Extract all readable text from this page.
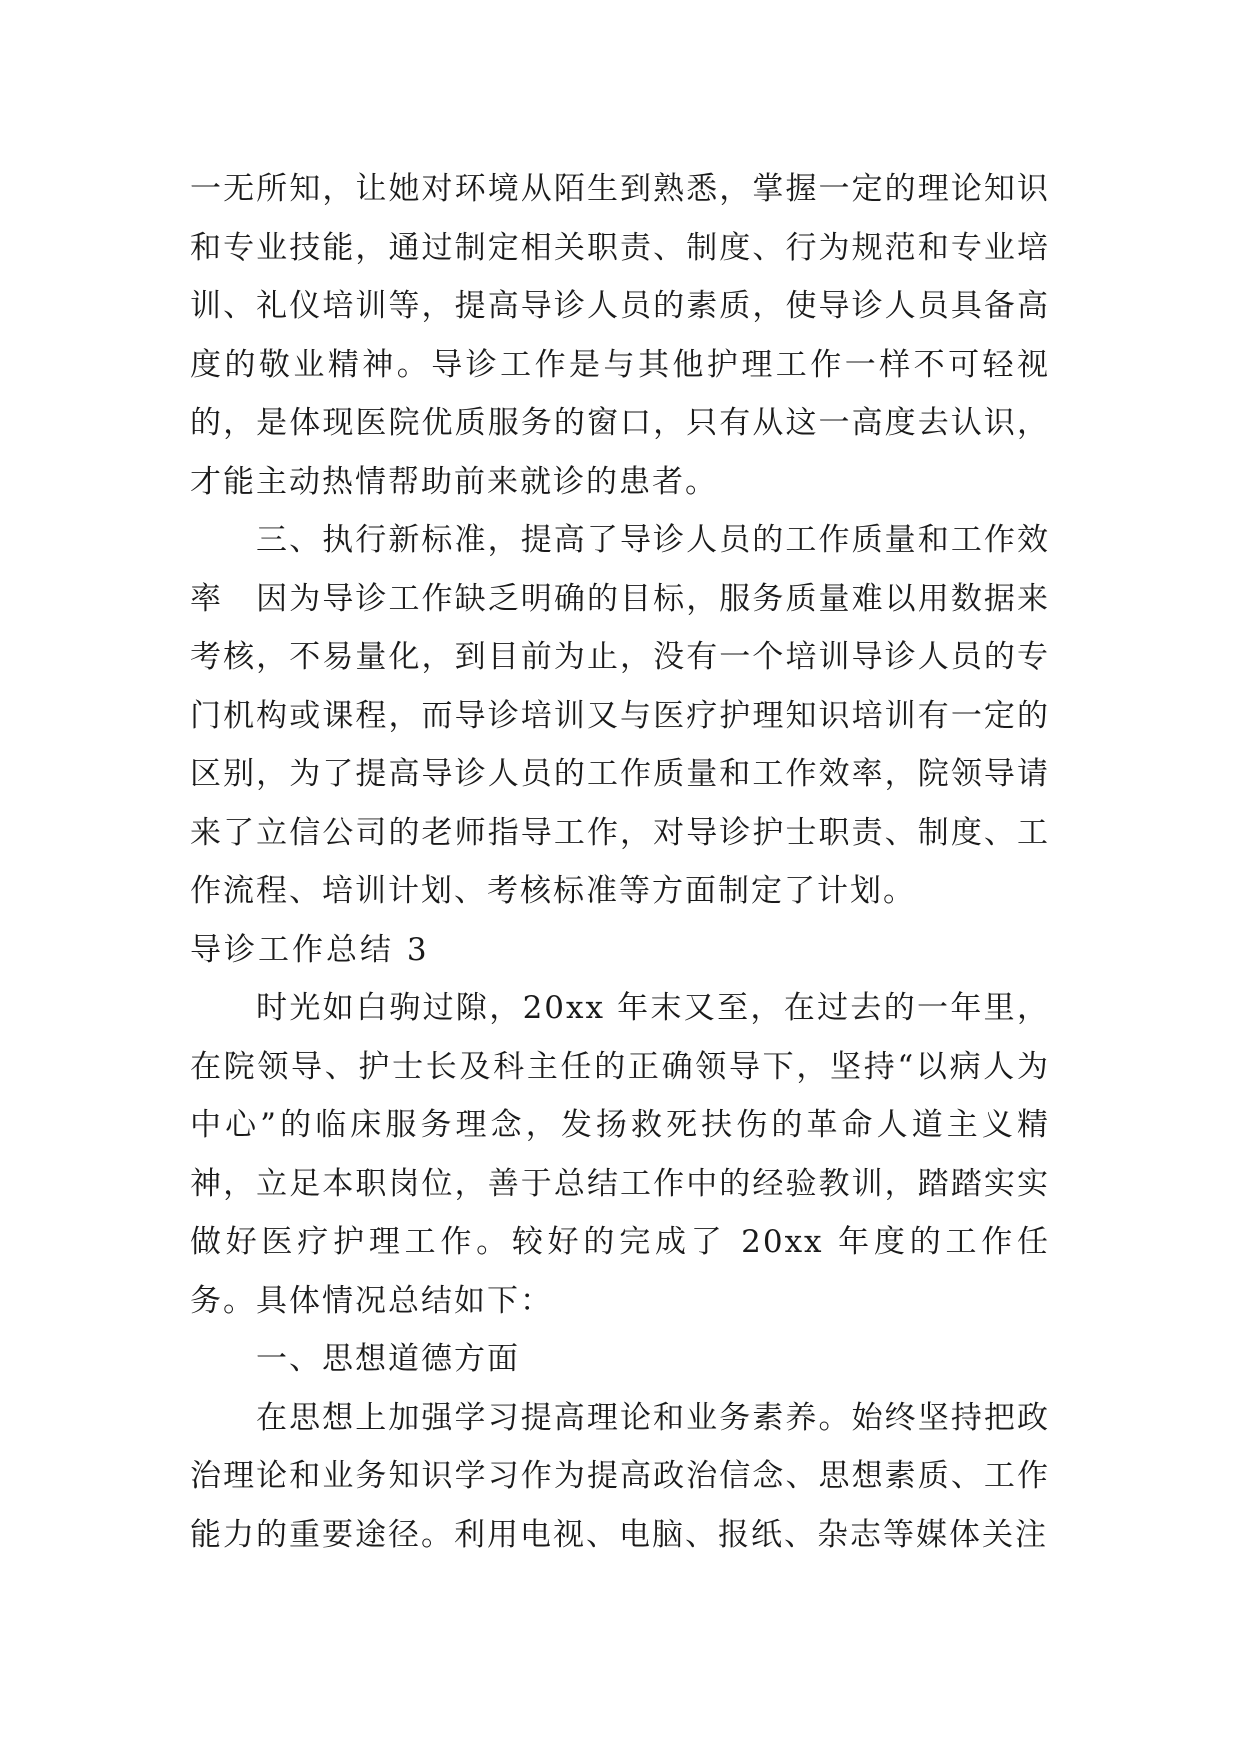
一无所知，让她对环境从陌生到熟悉，掌握一定的理论知识和专业技能，通过制定相关职责、制度、行为规范和专业培训、礼仪培训等，提高导诊人员的素质，使导诊人员具备高度的敬业精神。导诊工作是与其他护理工作一样不可轻视的，是体现医院优质服务的窗口，只有从这一高度去认识，才能主动热情帮助前来就诊的患者。

三、执行新标准，提高了导诊人员的工作质量和工作效率　因为导诊工作缺乏明确的目标，服务质量难以用数据来考核，不易量化，到目前为止，没有一个培训导诊人员的专门机构或课程，而导诊培训又与医疗护理知识培训有一定的区别，为了提高导诊人员的工作质量和工作效率，院领导请来了立信公司的老师指导工作，对导诊护士职责、制度、工作流程、培训计划、考核标准等方面制定了计划。

导诊工作总结 3

时光如白驹过隙，20xx 年末又至，在过去的一年里，在院领导、护士长及科主任的正确领导下，坚持“以病人为中心”的临床服务理念，发扬救死扶伤的革命人道主义精神，立足本职岗位，善于总结工作中的经验教训，踏踏实实做好医疗护理工作。较好的完成了 20xx 年度的工作任务。具体情况总结如下：

一、思想道德方面

在思想上加强学习提高理论和业务素养。始终坚持把政治理论和业务知识学习作为提高政治信念、思想素质、工作能力的重要途径。利用电视、电脑、报纸、杂志等媒体关注
